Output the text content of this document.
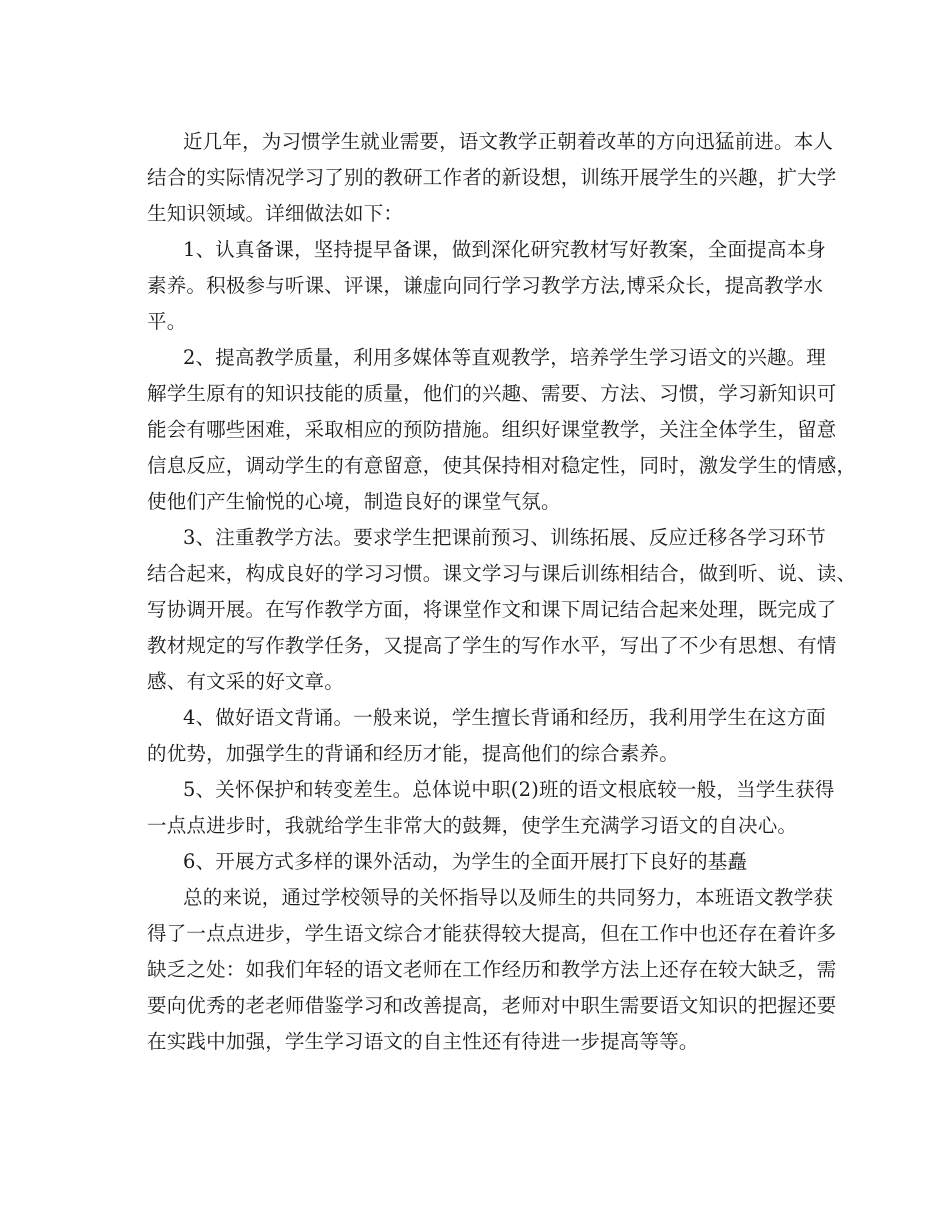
近几年，为习惯学生就业需要，语文教学正朝着改革的方向迅猛前进。本人
结合的实际情况学习了别的教研工作者的新设想，训练开展学生的兴趣，扩大学
生知识领域。详细做法如下：
1、认真备课，坚持提早备课，做到深化研究教材写好教案，全面提高本身
素养。积极参与听课、评课，谦虚向同行学习教学方法,博采众长，提高教学水
平。
2、提高教学质量，利用多媒体等直观教学，培养学生学习语文的兴趣。理
解学生原有的知识技能的质量，他们的兴趣、需要、方法、习惯，学习新知识可
能会有哪些困难，采取相应的预防措施。组织好课堂教学，关注全体学生，留意
信息反应，调动学生的有意留意，使其保持相对稳定性，同时，激发学生的情感，
使他们产生愉悦的心境，制造良好的课堂气氛。
3、注重教学方法。要求学生把课前预习、训练拓展、反应迁移各学习环节
结合起来，构成良好的学习习惯。课文学习与课后训练相结合，做到听、说、读、
写协调开展。在写作教学方面，将课堂作文和课下周记结合起来处理，既完成了
教材规定的写作教学任务，又提高了学生的写作水平，写出了不少有思想、有情
感、有文采的好文章。
4、做好语文背诵。一般来说，学生擅长背诵和经历，我利用学生在这方面
的优势，加强学生的背诵和经历才能，提高他们的综合素养。
5、关怀保护和转变差生。总体说中职(2)班的语文根底较一般，当学生获得
一点点进步时，我就给学生非常大的鼓舞，使学生充满学习语文的自决心。
6、开展方式多样的课外活动，为学生的全面开展打下良好的基矗
总的来说，通过学校领导的关怀指导以及师生的共同努力，本班语文教学获
得了一点点进步，学生语文综合才能获得较大提高，但在工作中也还存在着许多
缺乏之处：如我们年轻的语文老师在工作经历和教学方法上还存在较大缺乏，需
要向优秀的老老师借鉴学习和改善提高，老师对中职生需要语文知识的把握还要
在实践中加强，学生学习语文的自主性还有待进一步提高等等。
